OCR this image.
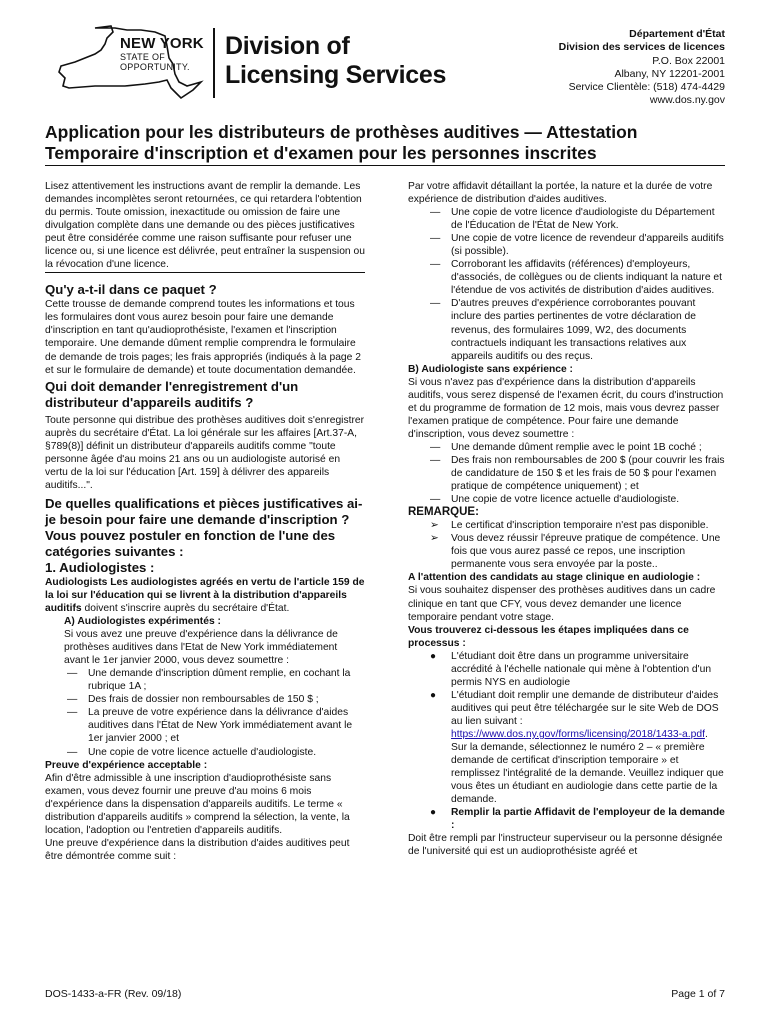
NEW YORK
STATE OF
OPPORTUNITY.
Division of
Licensing Services
Département d'État
Division des services de licences
P.O. Box 22001
Albany, NY 12201-2001
Service Clientèle: (518) 474-4429
www.dos.ny.gov
Application pour les distributeurs de prothèses auditives — Attestation
Temporaire d'inscription et d'examen pour les personnes inscrites

Lisez attentivement les instructions avant de remplir la demande. Les demandes incomplètes seront retournées, ce qui retardera l'obtention du permis. Toute omission, inexactitude ou omission de faire une divulgation complète dans une demande ou des pièces justificatives peut être considérée comme une raison suffisante pour refuser une licence ou, si une licence est délivrée, peut entraîner la suspension ou la révocation d'une licence.

Qu'y a-t-il dans ce paquet ?

Cette trousse de demande comprend toutes les informations et tous les formulaires dont vous aurez besoin pour faire une demande d'inscription en tant qu'audioprothésiste, l'examen et l'inscription temporaire. Une demande dûment remplie comprendra le formulaire de demande de trois pages; les frais appropriés (indiqués à la page 2 et sur le formulaire de demande) et toute documentation demandée.

Qui doit demander l'enregistrement d'un distributeur d'appareils auditifs ?

Toute personne qui distribue des prothèses auditives doit s'enregistrer auprès du secrétaire d'État. La loi générale sur les affaires [Art.37-A, §789(8)] définit un distributeur d'appareils auditifs comme "toute personne âgée d'au moins 21 ans ou un audiologiste autorisé en vertu de la loi sur l'éducation [Art. 159] à délivrer des appareils auditifs...".

De quelles qualifications et pièces justificatives ai-je besoin pour faire une demande d'inscription ?

Vous pouvez postuler en fonction de l'une des catégories suivantes :

1. Audiologistes :

Audiologists Les audiologistes agréés en vertu de l'article 159 de la loi sur l'éducation qui se livrent à la distribution d'appareils auditifs doivent s'inscrire auprès du secrétaire d'État.

A) Audiologistes expérimentés :

Si vous avez une preuve d'expérience dans la délivrance de prothèses auditives dans l'Etat de New York immédiatement avant le 1er janvier 2000, vous devez soumettre :

— Une demande d'inscription dûment remplie, en cochant la rubrique 1A ;

— Des frais de dossier non remboursables de 150 $ ;

— La preuve de votre expérience dans la délivrance d'aides auditives dans l'État de New York immédiatement avant le 1er janvier 2000 ; et

— Une copie de votre licence actuelle d'audiologiste.

Preuve d'expérience acceptable :

Afin d'être admissible à une inscription d'audioprothésiste sans examen, vous devez fournir une preuve d'au moins 6 mois d'expérience dans la dispensation d'appareils auditifs. Le terme « distribution d'appareils auditifs » comprend la sélection, la vente, la location, l'adoption ou l'entretien d'appareils auditifs.

Une preuve d'expérience dans la distribution d'aides auditives peut être démontrée comme suit :

Par votre affidavit détaillant la portée, la nature et la durée de votre expérience de distribution d'aides auditives.

— Une copie de votre licence d'audiologiste du Département de l'Éducation de l'État de New York.

— Une copie de votre licence de revendeur d'appareils auditifs (si possible).

— Corroborant les affidavits (références) d'employeurs, d'associés, de collègues ou de clients indiquant la nature et l'étendue de vos activités de distribution d'aides auditives.

— D'autres preuves d'expérience corroborantes pouvant inclure des parties pertinentes de votre déclaration de revenus, des formulaires 1099, W2, des documents contractuels indiquant les transactions relatives aux appareils auditifs ou des reçus.

B) Audiologiste sans expérience :

Si vous n'avez pas d'expérience dans la distribution d'appareils auditifs, vous serez dispensé de l'examen écrit, du cours d'instruction et du programme de formation de 12 mois, mais vous devrez passer l'examen pratique de compétence. Pour faire une demande d'inscription, vous devez soumettre :

— Une demande dûment remplie avec le point 1B coché ;

— Des frais non remboursables de 200 $ (pour couvrir les frais de candidature de 150 $ et les frais de 50 $ pour l'examen pratique de compétence uniquement) ; et

— Une copie de votre licence actuelle d'audiologiste.

REMARQUE:

➢ Le certificat d'inscription temporaire n'est pas disponible.

➢ Vous devez réussir l'épreuve pratique de compétence. Une fois que vous aurez passé ce repos, une inscription permanente vous sera envoyée par la poste..

A l'attention des candidats au stage clinique en audiologie :

Si vous souhaitez dispenser des prothèses auditives dans un cadre clinique en tant que CFY, vous devez demander une licence temporaire pendant votre stage.

Vous trouverez ci-dessous les étapes impliquées dans ce processus :

● L'étudiant doit être dans un programme universitaire accrédité à l'échelle nationale qui mène à l'obtention d'un permis NYS en audiologie

● L'étudiant doit remplir une demande de distributeur d'aides auditives qui peut être téléchargée sur le site Web de DOS au lien suivant : https://www.dos.ny.gov/forms/licensing/2018/1433-a.pdf. Sur la demande, sélectionnez le numéro 2 – « première demande de certificat d'inscription temporaire » et remplissez l'intégralité de la demande. Veuillez indiquer que vous êtes un étudiant en audiologie dans cette partie de la demande.

● Remplir la partie Affidavit de l'employeur de la demande :

Doit être rempli par l'instructeur superviseur ou la personne désignée de l'université qui est un audioprothésiste agréé et

DOS-1433-a-FR (Rev. 09/18)	Page 1 of 7
